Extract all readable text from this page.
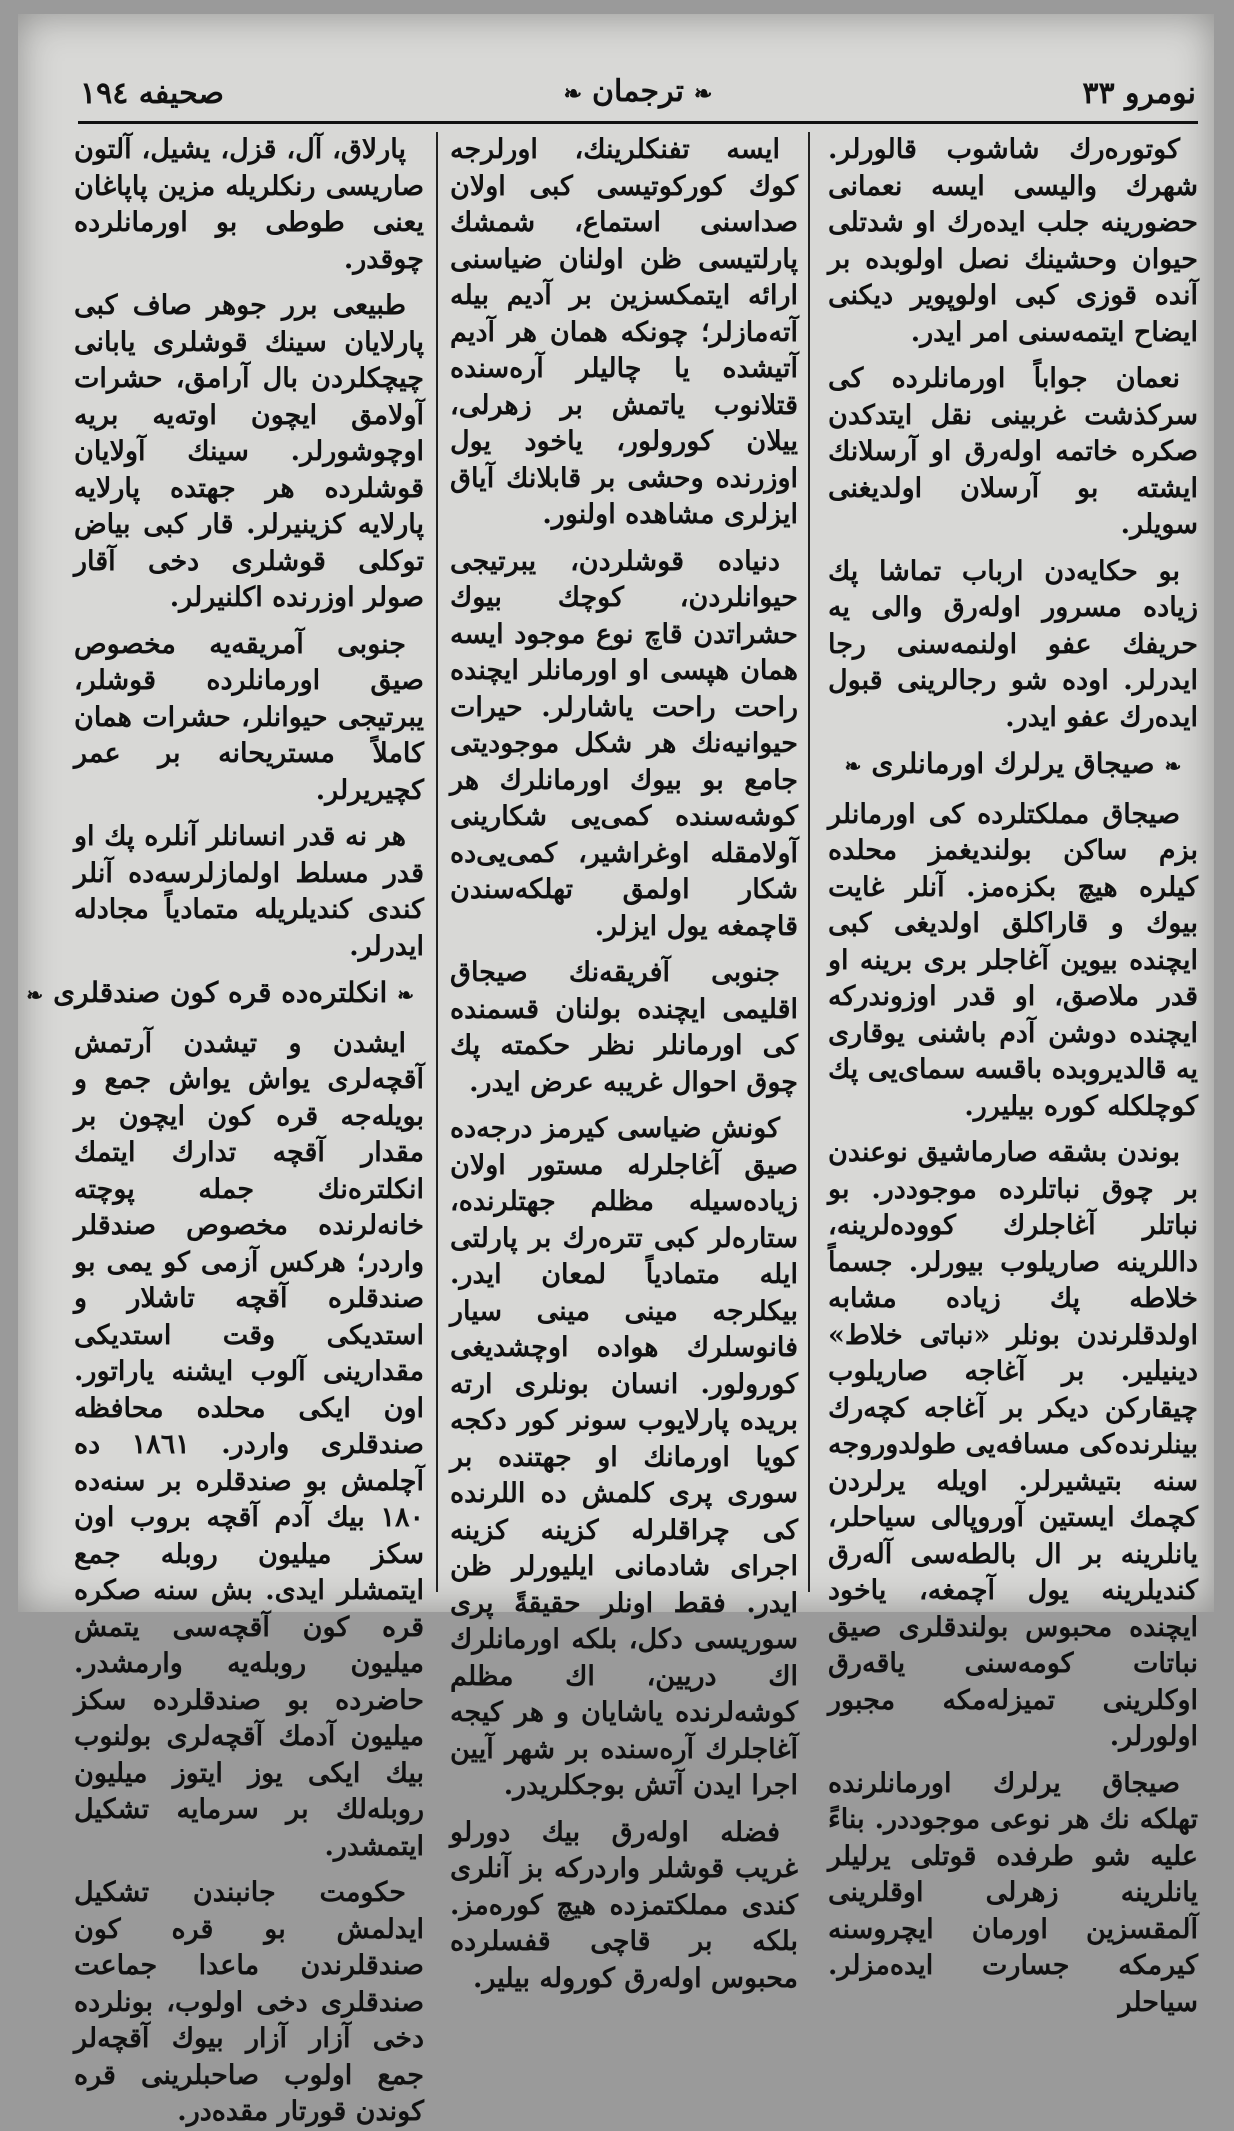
نومرو ٣٣
❧ترجمان❧
صحيفه ١٩٤

كوتوره‌رك شاشوب قالورلر. شهرك واليسى ايسه نعمانى حضورينه جلب ايده‌رك او شدتلى حيوان وحشينك نصل اولوبده بر آنده قوزى كبى اولوپوير ديكنى ايضاح ايتمه‌سنى امر ايدر.

نعمان جواباً اورمانلرده كى سركذشت غربينى نقل ايتدكدن صكره خاتمه اوله‌رق او آرسلانك ايشته بو آرسلان اولديغنى سويلر.

بو حكايه‌دن ارباب تماشا پك زياده مسرور اوله‌رق والى يه حريفك عفو اولنمه‌سنى رجا ايدرلر. اوده شو رجالرينى قبول ايده‌رك عفو ايدر.

❧صيجاق يرلرك اورمانلرى❧

صيجاق مملكتلرده كى اورمانلر بزم ساكن بولنديغمز محلده كيلره هيچ بكزه‌مز. آنلر غايت بيوك و قاراكلق اولديغى كبى ايچنده بيوين آغاجلر برى برينه او قدر ملاصق، او قدر اوزوندركه ايچنده دوشن آدم باشنى يوقارى يه قالديروبده باقسه سماى‌يى پك كوچلكله كوره بيليرر.

بوندن بشقه صارماشيق نوعندن بر چوق نباتلرده موجوددر. بو نباتلر آغاجلرك كووده‌لرينه، داللرينه صاريلوب بيورلر. جسماً خلاطه پك زياده مشابه اولدقلرندن بونلر «نباتى خلاط» دينيلير. بر آغاجه صاريلوب چيقاركن ديكر بر آغاجه كچه‌رك بينلرنده‌كى مسافه‌يى طولدوروجه سنه بتيشيرلر. اويله يرلردن كچمك ايستين آوروپالى سياحلر، يانلرينه بر ال بالطه‌سى آله‌رق كنديلرينه يول آچمغه، ياخود ايچنده محبوس بولندقلرى صيق نباتات كومه‌سنى ياقه‌رق اوكلرينى تميزله‌مكه مجبور اولورلر.

صيجاق يرلرك اورمانلرنده تهلكه نك هر نوعى موجوددر. بناءً عليه شو طرفده قوتلى يرليلر يانلرينه زهرلى اوقلرينى آلمقسزين اورمان ايچروسنه كيرمكه جسارت ايده‌مزلر. سياحلر

ايسه تفنكلرينك، اورلرجه كوك كوركوتيسى كبى اولان صداسنى استماع، شمشك پارلتيسى ظن اولنان ضياسنى ارائه ايتمكسزين بر آديم بيله آته‌مازلر؛ چونكه همان هر آديم آتيشده يا چاليلر آره‌سنده قتلانوب ياتمش بر زهرلى، ييلان كورولور، ياخود يول اوزرنده وحشى بر قابلانك آياق ايزلرى مشاهده اولنور.

دنياده قوشلردن، يبرتيجى حيوانلردن، كوچك بيوك حشراتدن قاچ نوع موجود ايسه همان هپسى او اورمانلر ايچنده راحت راحت ياشارلر. حيرات حيوانيه‌نك هر شكل موجوديتى جامع بو بيوك اورمانلرك هر كوشه‌سنده كمى‌يى شكارينى آولامقله اوغراشير، كمى‌يى‌ده شكار اولمق تهلكه‌سندن قاچمغه يول ايزلر.

جنوبى آفريقه‌نك صيجاق اقليمى ايچنده بولنان قسمنده كى اورمانلر نظر حكمته پك چوق احوال غريبه عرض ايدر.

كونش ضياسى كيرمز درجه‌ده صيق آغاجلرله مستور اولان زياده‌سيله مظلم جهتلرنده، ستاره‌لر كبى تتره‌رك بر پارلتى ايله متمادياً لمعان ايدر. بيكلرجه مينى مينى سيار فانوسلرك هواده اوچشديغى كورولور. انسان بونلرى ارته بريده پارلايوب سونر كور دكجه كويا اورمانك او جهتنده بر سورى پرى كلمش ده اللرنده كى چراقلرله كزينه كزينه اجراى شادمانى ايليورلر ظن ايدر. فقط اونلر حقيقةً پرى سوريسى دكل، بلكه اورمانلرك اك دريين، اك مظلم كوشه‌لرنده ياشايان و هر كيجه آغاجلرك آره‌سنده بر شهر آيين اجرا ايدن آتش بوجكلريدر.

فضله اوله‌رق بيك دورلو غريب قوشلر واردركه بز آنلرى كندى مملكتمزده هيچ كوره‌مز. بلكه بر قاچى قفسلرده محبوس اوله‌رق كوروله بيلير.

پارلاق، آل، قزل، يشيل، آلتون صاريسى رنكلريله مزين پاپاغان يعنى طوطى بو اورمانلرده چوقدر.

طبيعى برر جوهر صاف كبى پارلايان سينك قوشلرى يابانى چيچكلردن بال آرامق، حشرات آولامق ايچون اوته‌يه بريه اوچوشورلر. سينك آولايان قوشلرده هر جهتده پارلايه پارلايه كزينيرلر. قار كبى بياض توكلى قوشلرى دخى آقار صولر اوزرنده اكلنيرلر.

جنوبى آمريقه‌يه مخصوص صيق اورمانلرده قوشلر، يبرتيجى حيوانلر، حشرات همان كاملاً مستريحانه بر عمر كچيريرلر.

هر نه قدر انسانلر آنلره پك او قدر مسلط اولمازلرسه‌ده آنلر كندى كنديلريله متمادياً مجادله ايدرلر.

❧انكلتره‌ده قره كون صندقلرى❧

ايشدن و تيشدن آرتمش آقچه‌لرى يواش يواش جمع و بويله‌جه قره كون ايچون بر مقدار آقچه تدارك ايتمك انكلتره‌نك جمله پوچته خانه‌لرنده مخصوص صندقلر واردر؛ هركس آزمى كو يمى بو صندقلره آقچه تاشلار و استديكى وقت استديكى مقدارينى آلوب ايشنه ياراتور. اون ايكى محلده محافظه صندقلرى واردر. ١٨٦١ ده آچلمش بو صندقلره بر سنه‌ده ١٨٠ بيك آدم آقچه بروب اون سكز ميليون روبله جمع ايتمشلر ايدى. بش سنه صكره قره كون آقچه‌سى يتمش ميليون روبله‌يه وارمشدر. حاضرده بو صندقلرده سكز ميليون آدمك آقچه‌لرى بولنوب بيك ايكى يوز ايتوز ميليون روبله‌لك بر سرمايه تشكيل ايتمشدر.

حكومت جانبندن تشكيل ايدلمش بو قره كون صندقلرندن ماعدا جماعت صندقلرى دخى اولوب، بونلرده دخى آزار آزار بيوك آقچه‌لر جمع اولوب صاحبلرينى قره كوندن قورتار مقده‌در.
